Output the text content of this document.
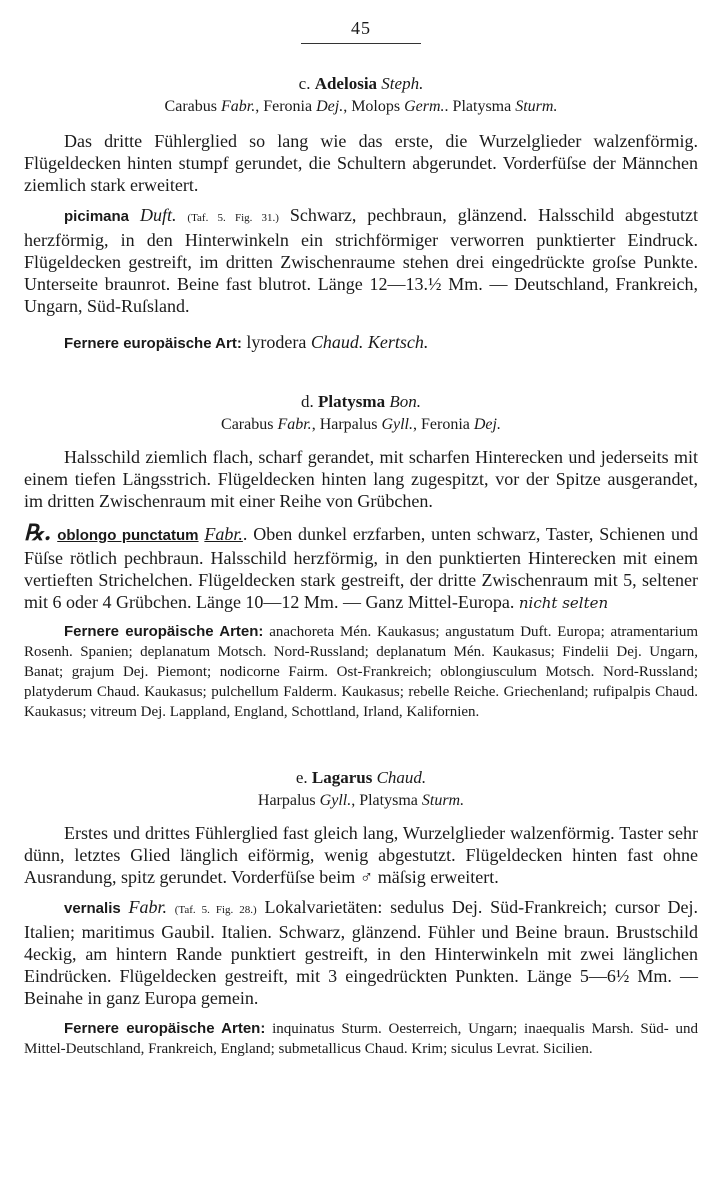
45

c. Adelosia Steph.

Carabus Fabr., Feronia Dej., Molops Germ.. Platysma Sturm.

Das dritte Fühlerglied so lang wie das erste, die Wurzelglieder walzenförmig. Flügeldecken hinten stumpf gerundet, die Schultern abgerundet. Vorderfüſse der Männchen ziemlich stark erweitert.

picimana Duft. (Taf. 5. Fig. 31.) Schwarz, pechbraun, glänzend. Halsschild abgestutzt herzförmig, in den Hinterwinkeln ein strichförmiger verworren punktierter Eindruck. Flügeldecken gestreift, im dritten Zwischenraume stehen drei eingedrückte groſse Punkte. Unterseite braunrot. Beine fast blutrot. Länge 12—13.½ Mm. — Deutschland, Frankreich, Ungarn, Süd-Ruſsland.

Fernere europäische Art: lyrodera Chaud. Kertsch.

d. Platysma Bon.

Carabus Fabr., Harpalus Gyll., Feronia Dej.

Halsschild ziemlich flach, scharf gerandet, mit scharfen Hinterecken und jederseits mit einem tiefen Längsstrich. Flügeldecken hinten lang zugespitzt, vor der Spitze ausgerandet, im dritten Zwischenraum mit einer Reihe von Grübchen.

℞. oblongo punctatum Fabr.. Oben dunkel erzfarben, unten schwarz, Taster, Schienen und Füſse rötlich pechbraun. Halsschild herzförmig, in den punktierten Hinterecken mit einem vertieften Strichelchen. Flügeldecken stark gestreift, der dritte Zwischenraum mit 5, seltener mit 6 oder 4 Grübchen. Länge 10—12 Mm. — Ganz Mittel-Europa. nicht selten

Fernere europäische Arten: anachoreta Mén. Kaukasus; angustatum Duft. Europa; atramentarium Rosenh. Spanien; deplanatum Motsch. Nord-Russland; deplanatum Mén. Kaukasus; Findelii Dej. Ungarn, Banat; grajum Dej. Piemont; nodicorne Fairm. Ost-Frankreich; oblongiusculum Motsch. Nord-Russland; platyderum Chaud. Kaukasus; pulchellum Falderm. Kaukasus; rebelle Reiche. Griechenland; rufipalpis Chaud. Kaukasus; vitreum Dej. Lappland, England, Schottland, Irland, Kalifornien.

e. Lagarus Chaud.

Harpalus Gyll., Platysma Sturm.

Erstes und drittes Fühlerglied fast gleich lang, Wurzelglieder walzenförmig. Taster sehr dünn, letztes Glied länglich eiförmig, wenig abgestutzt. Flügeldecken hinten fast ohne Ausrandung, spitz gerundet. Vorderfüſse beim ♂ mäſsig erweitert.

vernalis Fabr. (Taf. 5. Fig. 28.) Lokalvarietäten: sedulus Dej. Süd-Frankreich; cursor Dej. Italien; maritimus Gaubil. Italien. Schwarz, glänzend. Fühler und Beine braun. Brustschild 4eckig, am hintern Rande punktiert gestreift, in den Hinterwinkeln mit zwei länglichen Eindrücken. Flügeldecken gestreift, mit 3 eingedrückten Punkten. Länge 5—6½ Mm. — Beinahe in ganz Europa gemein.

Fernere europäische Arten: inquinatus Sturm. Oesterreich, Ungarn; inaequalis Marsh. Süd- und Mittel-Deutschland, Frankreich, England; submetallicus Chaud. Krim; siculus Levrat. Sicilien.
